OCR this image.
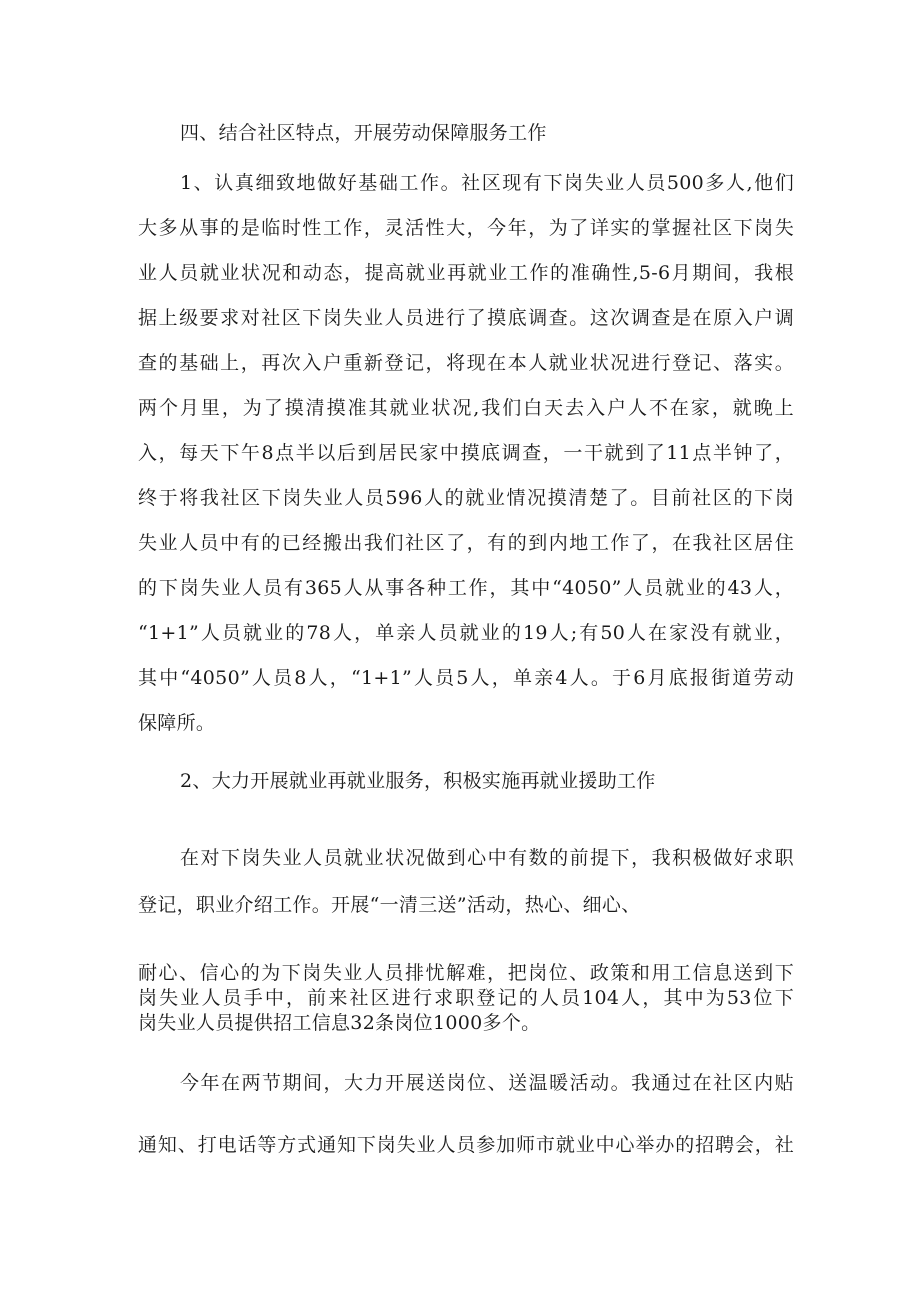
四、结合社区特点，开展劳动保障服务工作
1、认真细致地做好基础工作。社区现有下岗失业人员500多人,他们
大多从事的是临时性工作，灵活性大，今年，为了详实的掌握社区下岗失
业人员就业状况和动态，提高就业再就业工作的准确性,5-6月期间，我根
据上级要求对社区下岗失业人员进行了摸底调查。这次调查是在原入户调
查的基础上，再次入户重新登记，将现在本人就业状况进行登记、落实。
两个月里，为了摸清摸准其就业状况,我们白天去入户人不在家，就晚上
入，每天下午8点半以后到居民家中摸底调查，一干就到了11点半钟了，
终于将我社区下岗失业人员596人的就业情况摸清楚了。目前社区的下岗
失业人员中有的已经搬出我们社区了，有的到内地工作了，在我社区居住
的下岗失业人员有365人从事各种工作，其中“4050”人员就业的43人，
“1+1”人员就业的78人，单亲人员就业的19人;有50人在家没有就业，
其中“4050”人员8人，“1+1”人员5人，单亲4人。于6月底报街道劳动
保障所。
2、大力开展就业再就业服务，积极实施再就业援助工作
在对下岗失业人员就业状况做到心中有数的前提下，我积极做好求职
登记，职业介绍工作。开展“一清三送”活动，热心、细心、
耐心、信心的为下岗失业人员排忧解难，把岗位、政策和用工信息送到下
岗失业人员手中，前来社区进行求职登记的人员104人，其中为53位下
岗失业人员提供招工信息32条岗位1000多个。
今年在两节期间，大力开展送岗位、送温暖活动。我通过在社区内贴
通知、打电话等方式通知下岗失业人员参加师市就业中心举办的招聘会，社
